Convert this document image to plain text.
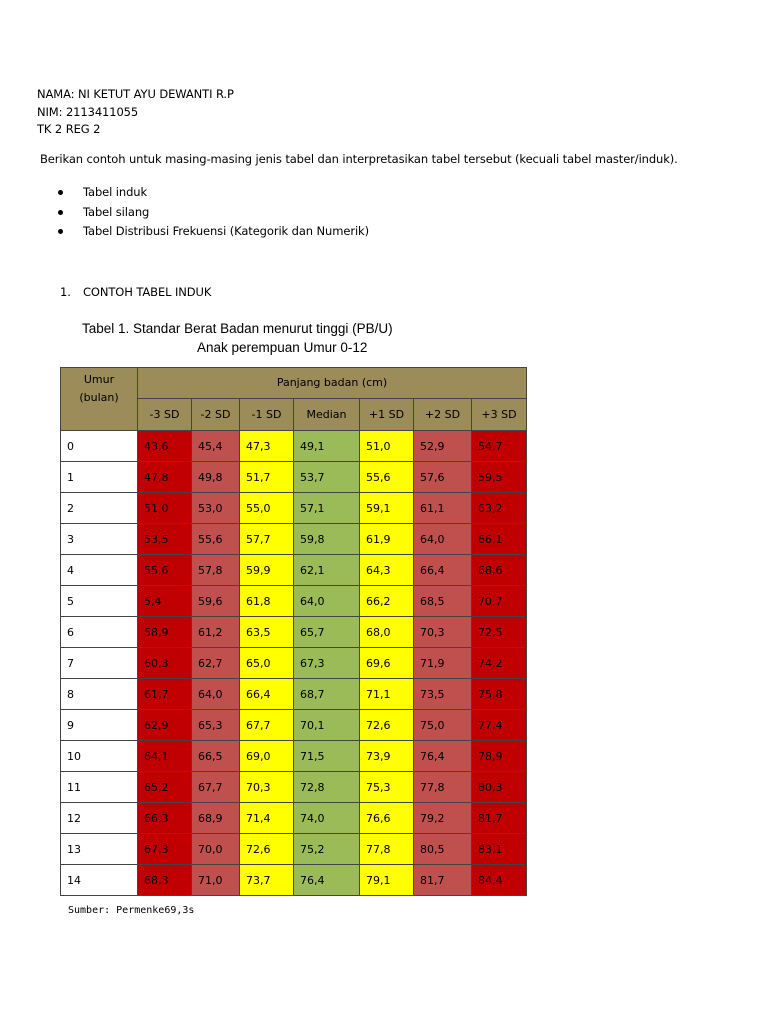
NAMA: NI KETUT AYU DEWANTI R.P
NIM: 2113411055
TK 2 REG 2
Berikan contoh untuk masing-masing jenis tabel dan interpretasikan tabel tersebut (kecuali tabel master/induk).
Tabel induk
Tabel silang
Tabel Distribusi Frekuensi (Kategorik dan Numerik)
1. CONTOH TABEL INDUK
Tabel 1. Standar Berat Badan menurut tinggi (PB/U)
Anak perempuan Umur 0-12
Umur
(bulan)	Panjang badan (cm)						
	-3 SD	-2 SD	-1 SD	Median	+1 SD	+2 SD	+3 SD
0	43,6	45,4	47,3	49,1	51,0	52,9	54,7
1	47,8	49,8	51,7	53,7	55,6	57,6	59,5
2	51,0	53,0	55,0	57,1	59,1	61,1	63,2
3	53,5	55,6	57,7	59,8	61,9	64,0	66,1
4	55,6	57,8	59,9	62,1	64,3	66,4	68,6
5	5,4	59,6	61,8	64,0	66,2	68,5	70,7
6	58,9	61,2	63,5	65,7	68,0	70,3	72,5
7	60,3	62,7	65,0	67,3	69,6	71,9	74,2
8	61,7	64,0	66,4	68,7	71,1	73,5	75,8
9	62,9	65,3	67,7	70,1	72,6	75,0	77,4
10	64,1	66,5	69,0	71,5	73,9	76,4	78,9
11	65,2	67,7	70,3	72,8	75,3	77,8	80,3
12	66,3	68,9	71,4	74,0	76,6	79,2	81,7
13	67,3	70,0	72,6	75,2	77,8	80,5	83,1
14	68,3	71,0	73,7	76,4	79,1	81,7	84,4
Sumber: Permenke69,3s
